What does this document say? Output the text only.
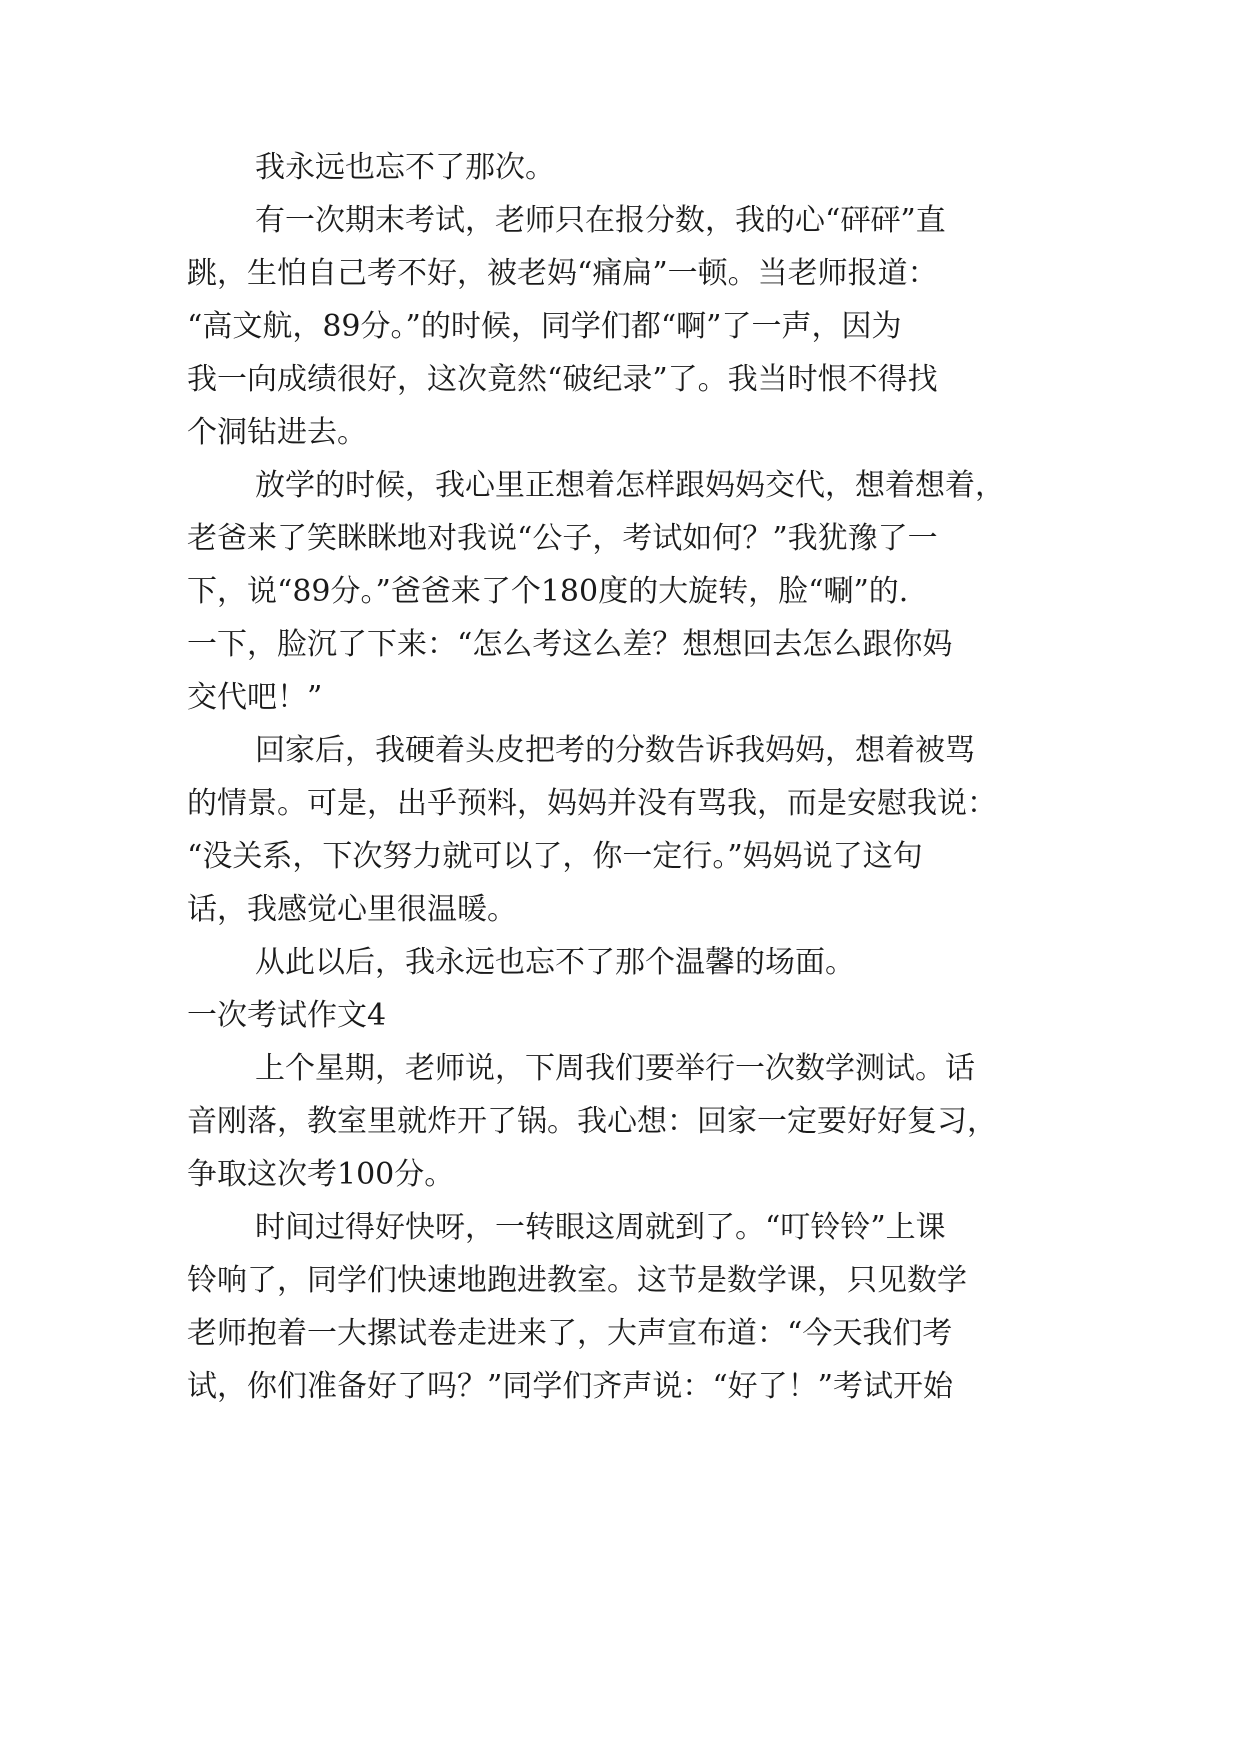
我永远也忘不了那次。

有一次期末考试，老师只在报分数，我的心“砰砰”直

跳，生怕自己考不好，被老妈“痛扁”一顿。当老师报道：

“高文航，89分。”的时候，同学们都“啊”了一声，因为

我一向成绩很好，这次竟然“破纪录”了。我当时恨不得找

个洞钻进去。

放学的时候，我心里正想着怎样跟妈妈交代，想着想着，

老爸来了笑眯眯地对我说“公子，考试如何？”我犹豫了一

下，说“89分。”爸爸来了个180度的大旋转，脸“唰”的.

一下，脸沉了下来：“怎么考这么差？想想回去怎么跟你妈

交代吧！”

回家后，我硬着头皮把考的分数告诉我妈妈，想着被骂

的情景。可是，出乎预料，妈妈并没有骂我，而是安慰我说：

“没关系，下次努力就可以了，你一定行。”妈妈说了这句

话，我感觉心里很温暖。

从此以后，我永远也忘不了那个温馨的场面。

一次考试作文4

上个星期，老师说，下周我们要举行一次数学测试。话

音刚落，教室里就炸开了锅。我心想：回家一定要好好复习，

争取这次考100分。

时间过得好快呀，一转眼这周就到了。“叮铃铃”上课

铃响了，同学们快速地跑进教室。这节是数学课，只见数学

老师抱着一大摞试卷走进来了，大声宣布道：“今天我们考

试，你们准备好了吗？”同学们齐声说：“好了！”考试开始
